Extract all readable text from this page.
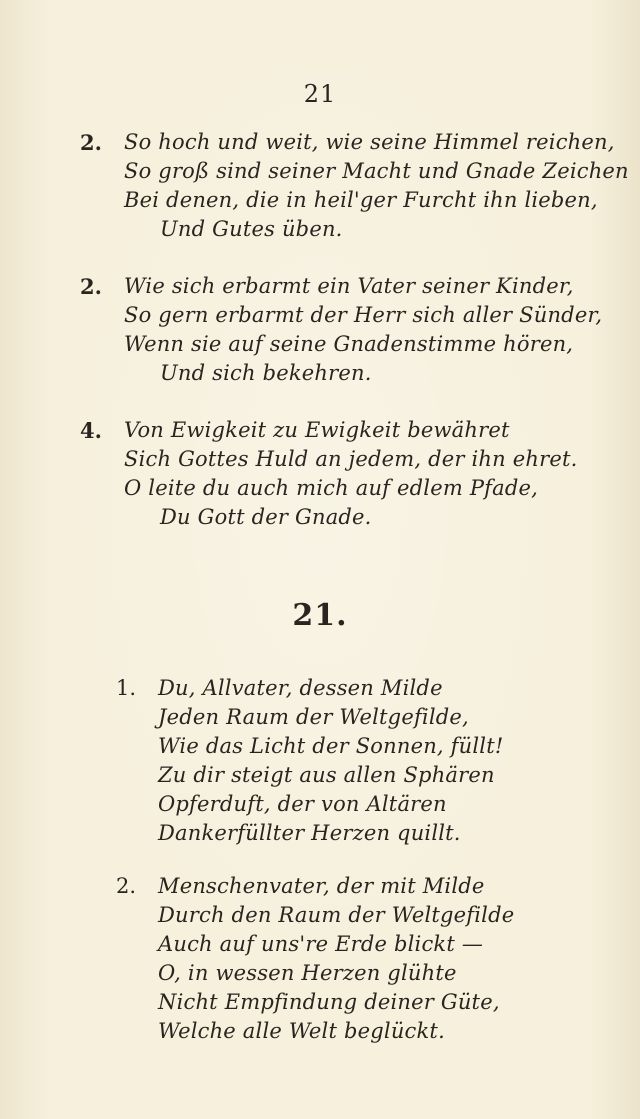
21
2. So hoch und weit, wie seine Himmel reichen,
So groß sind seiner Macht und Gnade Zeichen
Bei denen, die in heil'ger Furcht ihn lieben,
Und Gutes üben.
2. Wie sich erbarmt ein Vater seiner Kinder,
So gern erbarmt der Herr sich aller Sünder,
Wenn sie auf seine Gnadenstimme hören,
Und sich bekehren.
4. Von Ewigkeit zu Ewigkeit bewähret
Sich Gottes Huld an jedem, der ihn ehret.
O leite du auch mich auf edlem Pfade,
Du Gott der Gnade.
21.
1. Du, Allvater, dessen Milde
Jeden Raum der Weltgefilde,
Wie das Licht der Sonnen, füllt!
Zu dir steigt aus allen Sphären
Opferduft, der von Altären
Dankerfüllter Herzen quillt.
2. Menschenvater, der mit Milde
Durch den Raum der Weltgefilde
Auch auf uns're Erde blickt —
O, in wessen Herzen glühte
Nicht Empfindung deiner Güte,
Welche alle Welt beglückt.
